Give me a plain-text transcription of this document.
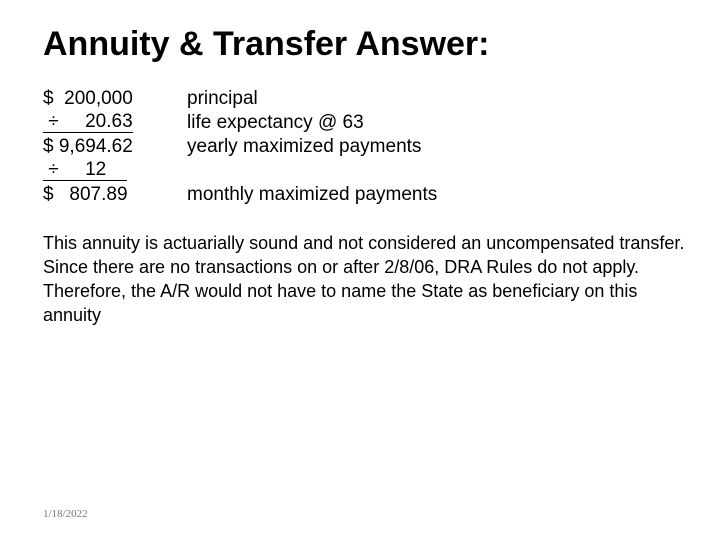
Annuity & Transfer Answer:
$  200,000	principal
÷     20.63	life expectancy @ 63
$ 9,694.62	yearly maximized payments
÷     12
$   807.89	monthly maximized payments
This annuity is actuarially sound and not considered an uncompensated transfer. Since there are no transactions on or after 2/8/06, DRA Rules do not apply. Therefore, the A/R would not have to name the State as beneficiary on this annuity
1/18/2022
